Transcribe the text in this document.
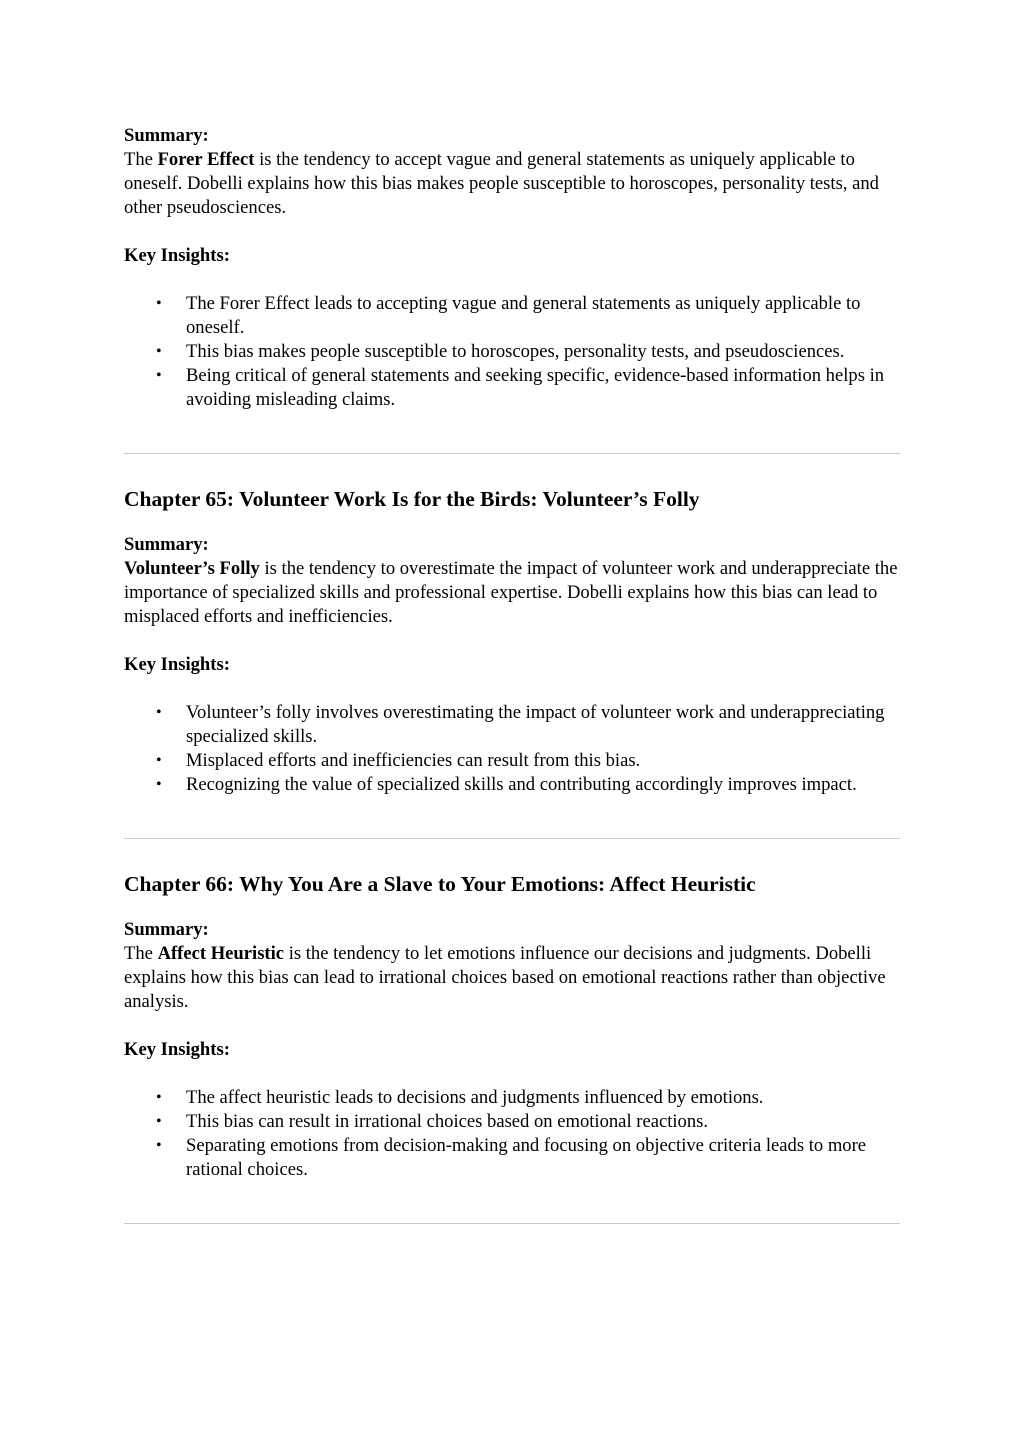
Summary:

The Forer Effect is the tendency to accept vague and general statements as uniquely applicable to oneself. Dobelli explains how this bias makes people susceptible to horoscopes, personality tests, and other pseudosciences.

Key Insights:

• The Forer Effect leads to accepting vague and general statements as uniquely applicable to oneself.
• This bias makes people susceptible to horoscopes, personality tests, and pseudosciences.
• Being critical of general statements and seeking specific, evidence-based information helps in avoiding misleading claims.
Chapter 65: Volunteer Work Is for the Birds: Volunteer’s Folly

Summary:

Volunteer’s Folly is the tendency to overestimate the impact of volunteer work and underappreciate the importance of specialized skills and professional expertise. Dobelli explains how this bias can lead to misplaced efforts and inefficiencies.

Key Insights:

• Volunteer’s folly involves overestimating the impact of volunteer work and underappreciating specialized skills.
• Misplaced efforts and inefficiencies can result from this bias.
• Recognizing the value of specialized skills and contributing accordingly improves impact.
Chapter 66: Why You Are a Slave to Your Emotions: Affect Heuristic

Summary:

The Affect Heuristic is the tendency to let emotions influence our decisions and judgments. Dobelli explains how this bias can lead to irrational choices based on emotional reactions rather than objective analysis.

Key Insights:

• The affect heuristic leads to decisions and judgments influenced by emotions.
• This bias can result in irrational choices based on emotional reactions.
• Separating emotions from decision-making and focusing on objective criteria leads to more rational choices.
